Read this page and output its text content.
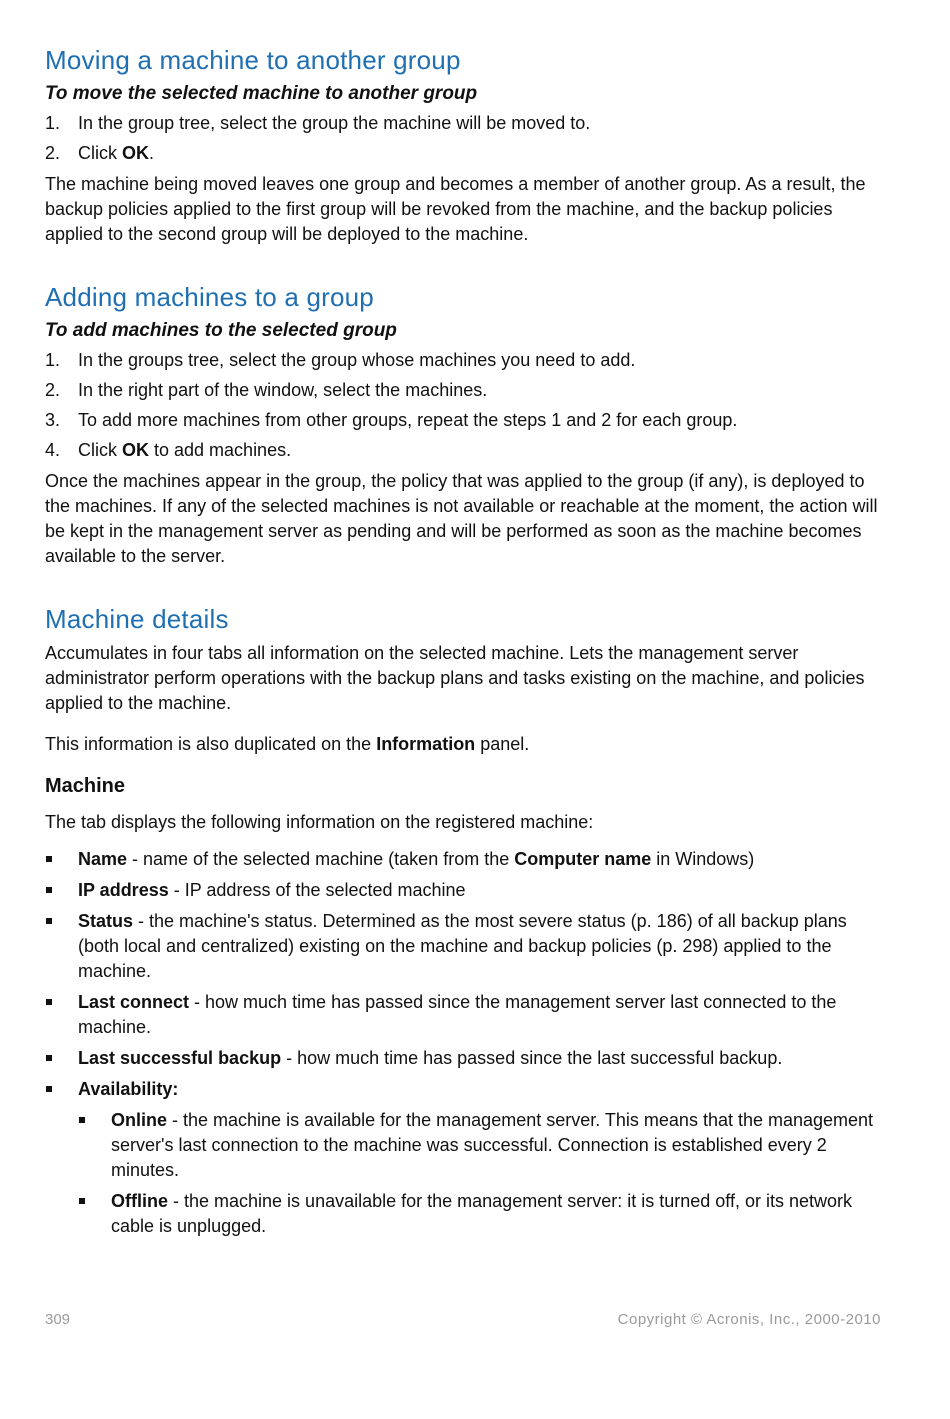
Moving a machine to another group
To move the selected machine to another group
1. In the group tree, select the group the machine will be moved to.
2. Click OK.

The machine being moved leaves one group and becomes a member of another group. As a result, the backup policies applied to the first group will be revoked from the machine, and the backup policies applied to the second group will be deployed to the machine.

Adding machines to a group
To add machines to the selected group
1. In the groups tree, select the group whose machines you need to add.
2. In the right part of the window, select the machines.
3. To add more machines from other groups, repeat the steps 1 and 2 for each group.
4. Click OK to add machines.

Once the machines appear in the group, the policy that was applied to the group (if any), is deployed to the machines. If any of the selected machines is not available or reachable at the moment, the action will be kept in the management server as pending and will be performed as soon as the machine becomes available to the server.

Machine details

Accumulates in four tabs all information on the selected machine. Lets the management server administrator perform operations with the backup plans and tasks existing on the machine, and policies applied to the machine.

This information is also duplicated on the Information panel.

Machine

The tab displays the following information on the registered machine:

Name - name of the selected machine (taken from the Computer name in Windows)
IP address - IP address of the selected machine
Status - the machine's status. Determined as the most severe status (p. 186) of all backup plans (both local and centralized) existing on the machine and backup policies (p. 298) applied to the machine.
Last connect - how much time has passed since the management server last connected to the machine.
Last successful backup - how much time has passed since the last successful backup.
Availability:
Online - the machine is available for the management server. This means that the management server's last connection to the machine was successful. Connection is established every 2 minutes.
Offline - the machine is unavailable for the management server: it is turned off, or its network cable is unplugged.
309	Copyright © Acronis, Inc., 2000-2010
